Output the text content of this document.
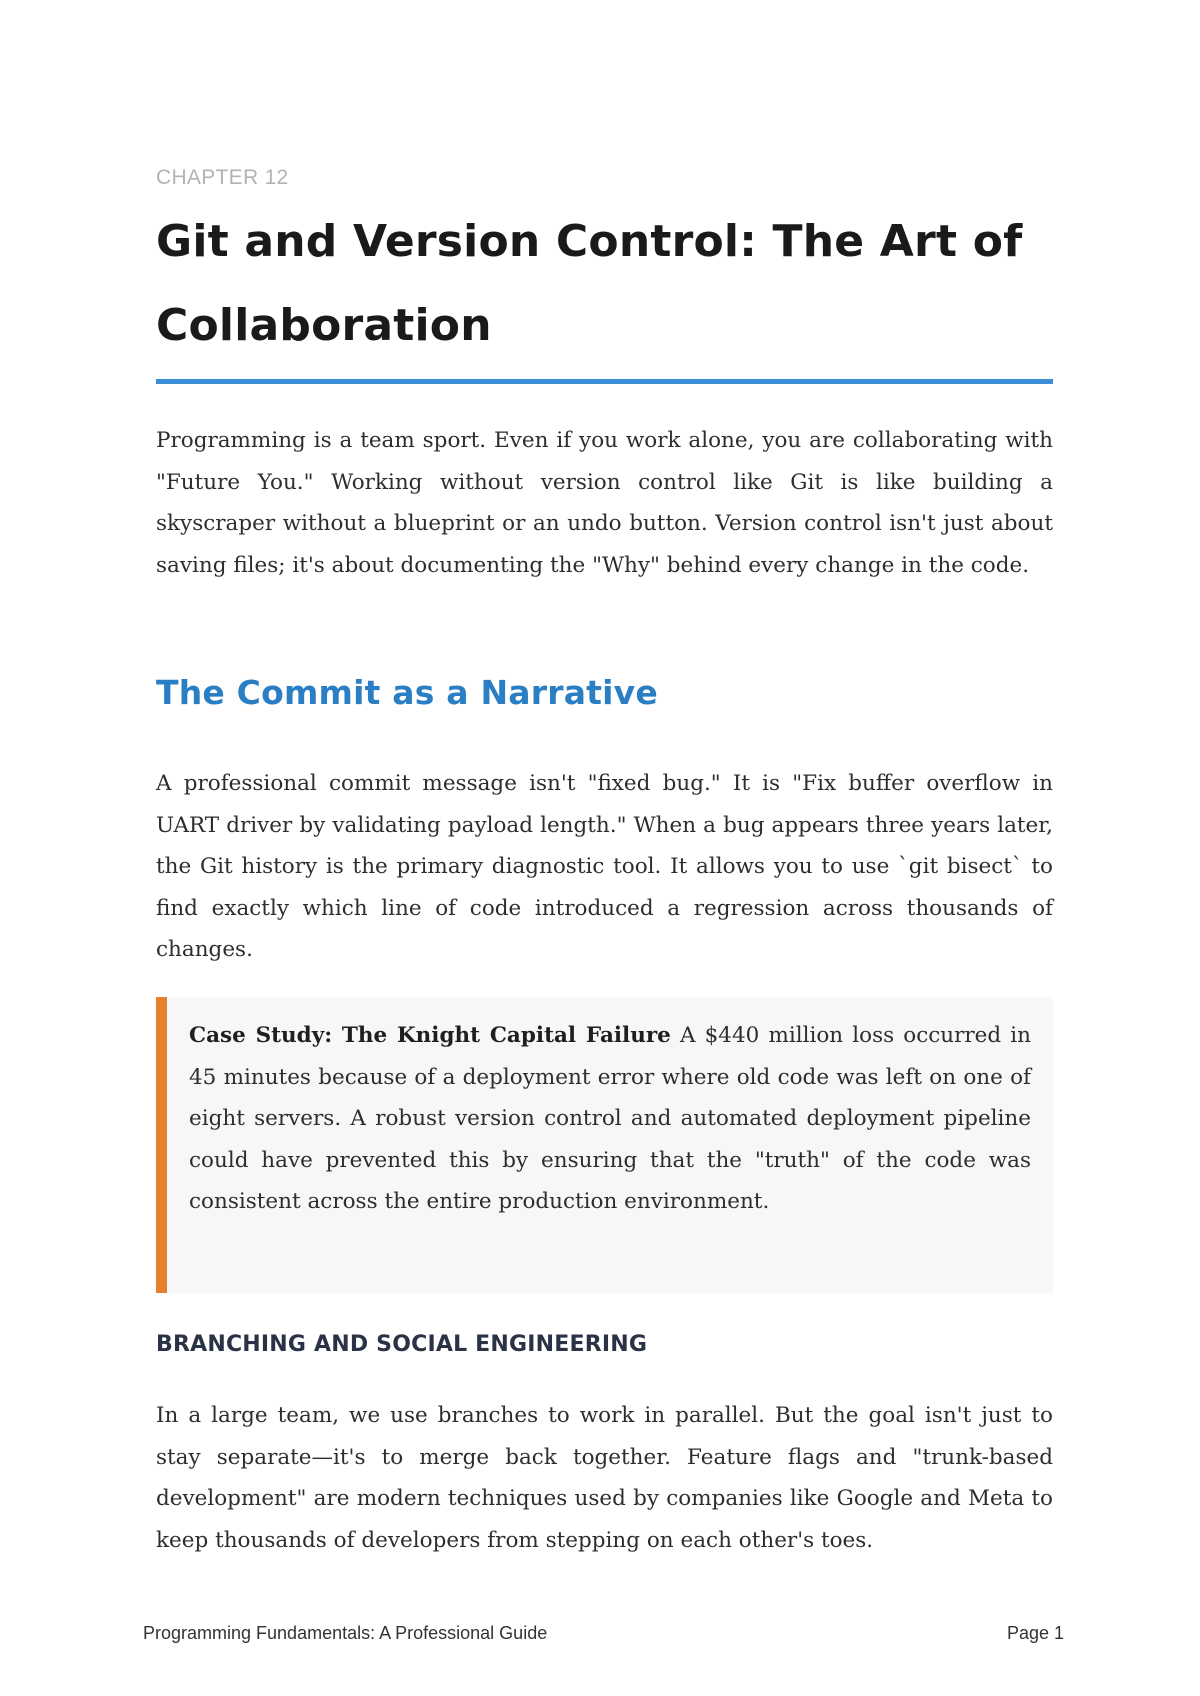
CHAPTER 12

Git and Version Control: The Art of Collaboration

Programming is a team sport. Even if you work alone, you are collaborating with "Future You." Working without version control like Git is like building a skyscraper without a blueprint or an undo button. Version control isn't just about saving files; it's about documenting the "Why" behind every change in the code.

The Commit as a Narrative

A professional commit message isn't "fixed bug." It is "Fix buffer overflow in UART driver by validating payload length." When a bug appears three years later, the Git history is the primary diagnostic tool. It allows you to use `git bisect` to find exactly which line of code introduced a regression across thousands of changes.

Case Study: The Knight Capital Failure A $440 million loss occurred in 45 minutes because of a deployment error where old code was left on one of eight servers. A robust version control and automated deployment pipeline could have prevented this by ensuring that the "truth" of the code was consistent across the entire production environment.

BRANCHING AND SOCIAL ENGINEERING

In a large team, we use branches to work in parallel. But the goal isn't just to stay separate—it's to merge back together. Feature flags and "trunk-based development" are modern techniques used by companies like Google and Meta to keep thousands of developers from stepping on each other's toes.

Programming Fundamentals: A Professional Guide	Page 1
